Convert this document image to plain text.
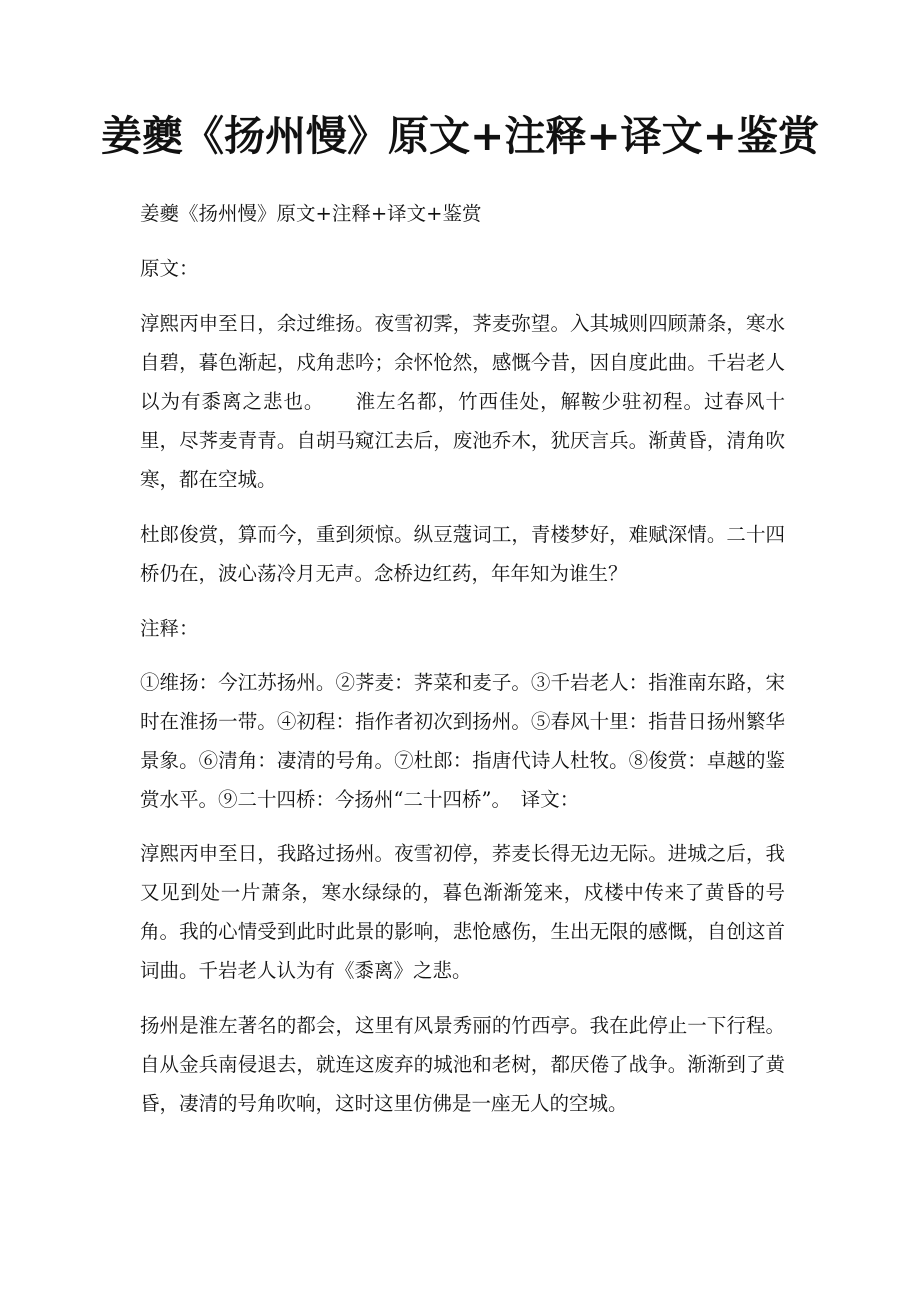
姜夔《扬州慢》原文+注释+译文+鉴赏

姜夔《扬州慢》原文+注释+译文+鉴赏

原文：

淳熙丙申至日，余过维扬。夜雪初霁，荠麦弥望。入其城则四顾萧条，寒水自碧，暮色渐起，戍角悲吟；余怀怆然，感慨今昔，因自度此曲。千岩老人以为有黍离之悲也。　　淮左名都，竹西佳处，解鞍少驻初程。过春风十里，尽荠麦青青。自胡马窥江去后，废池乔木，犹厌言兵。渐黄昏，清角吹寒，都在空城。

杜郎俊赏，算而今，重到须惊。纵豆蔻词工，青楼梦好，难赋深情。二十四桥仍在，波心荡冷月无声。念桥边红药，年年知为谁生？

注释：

①维扬：今江苏扬州。②荠麦：荠菜和麦子。③千岩老人：指淮南东路，宋时在淮扬一带。④初程：指作者初次到扬州。⑤春风十里：指昔日扬州繁华景象。⑥清角：凄清的号角。⑦杜郎：指唐代诗人杜牧。⑧俊赏：卓越的鉴赏水平。⑨二十四桥：今扬州“二十四桥”。　译文：

淳熙丙申至日，我路过扬州。夜雪初停，荞麦长得无边无际。进城之后，我又见到处一片萧条，寒水绿绿的，暮色渐渐笼来，戍楼中传来了黄昏的号角。我的心情受到此时此景的影响，悲怆感伤，生出无限的感慨，自创这首词曲。千岩老人认为有《黍离》之悲。

扬州是淮左著名的都会，这里有风景秀丽的竹西亭。我在此停止一下行程。自从金兵南侵退去，就连这废弃的城池和老树，都厌倦了战争。渐渐到了黄昏，凄清的号角吹响，这时这里仿佛是一座无人的空城。
